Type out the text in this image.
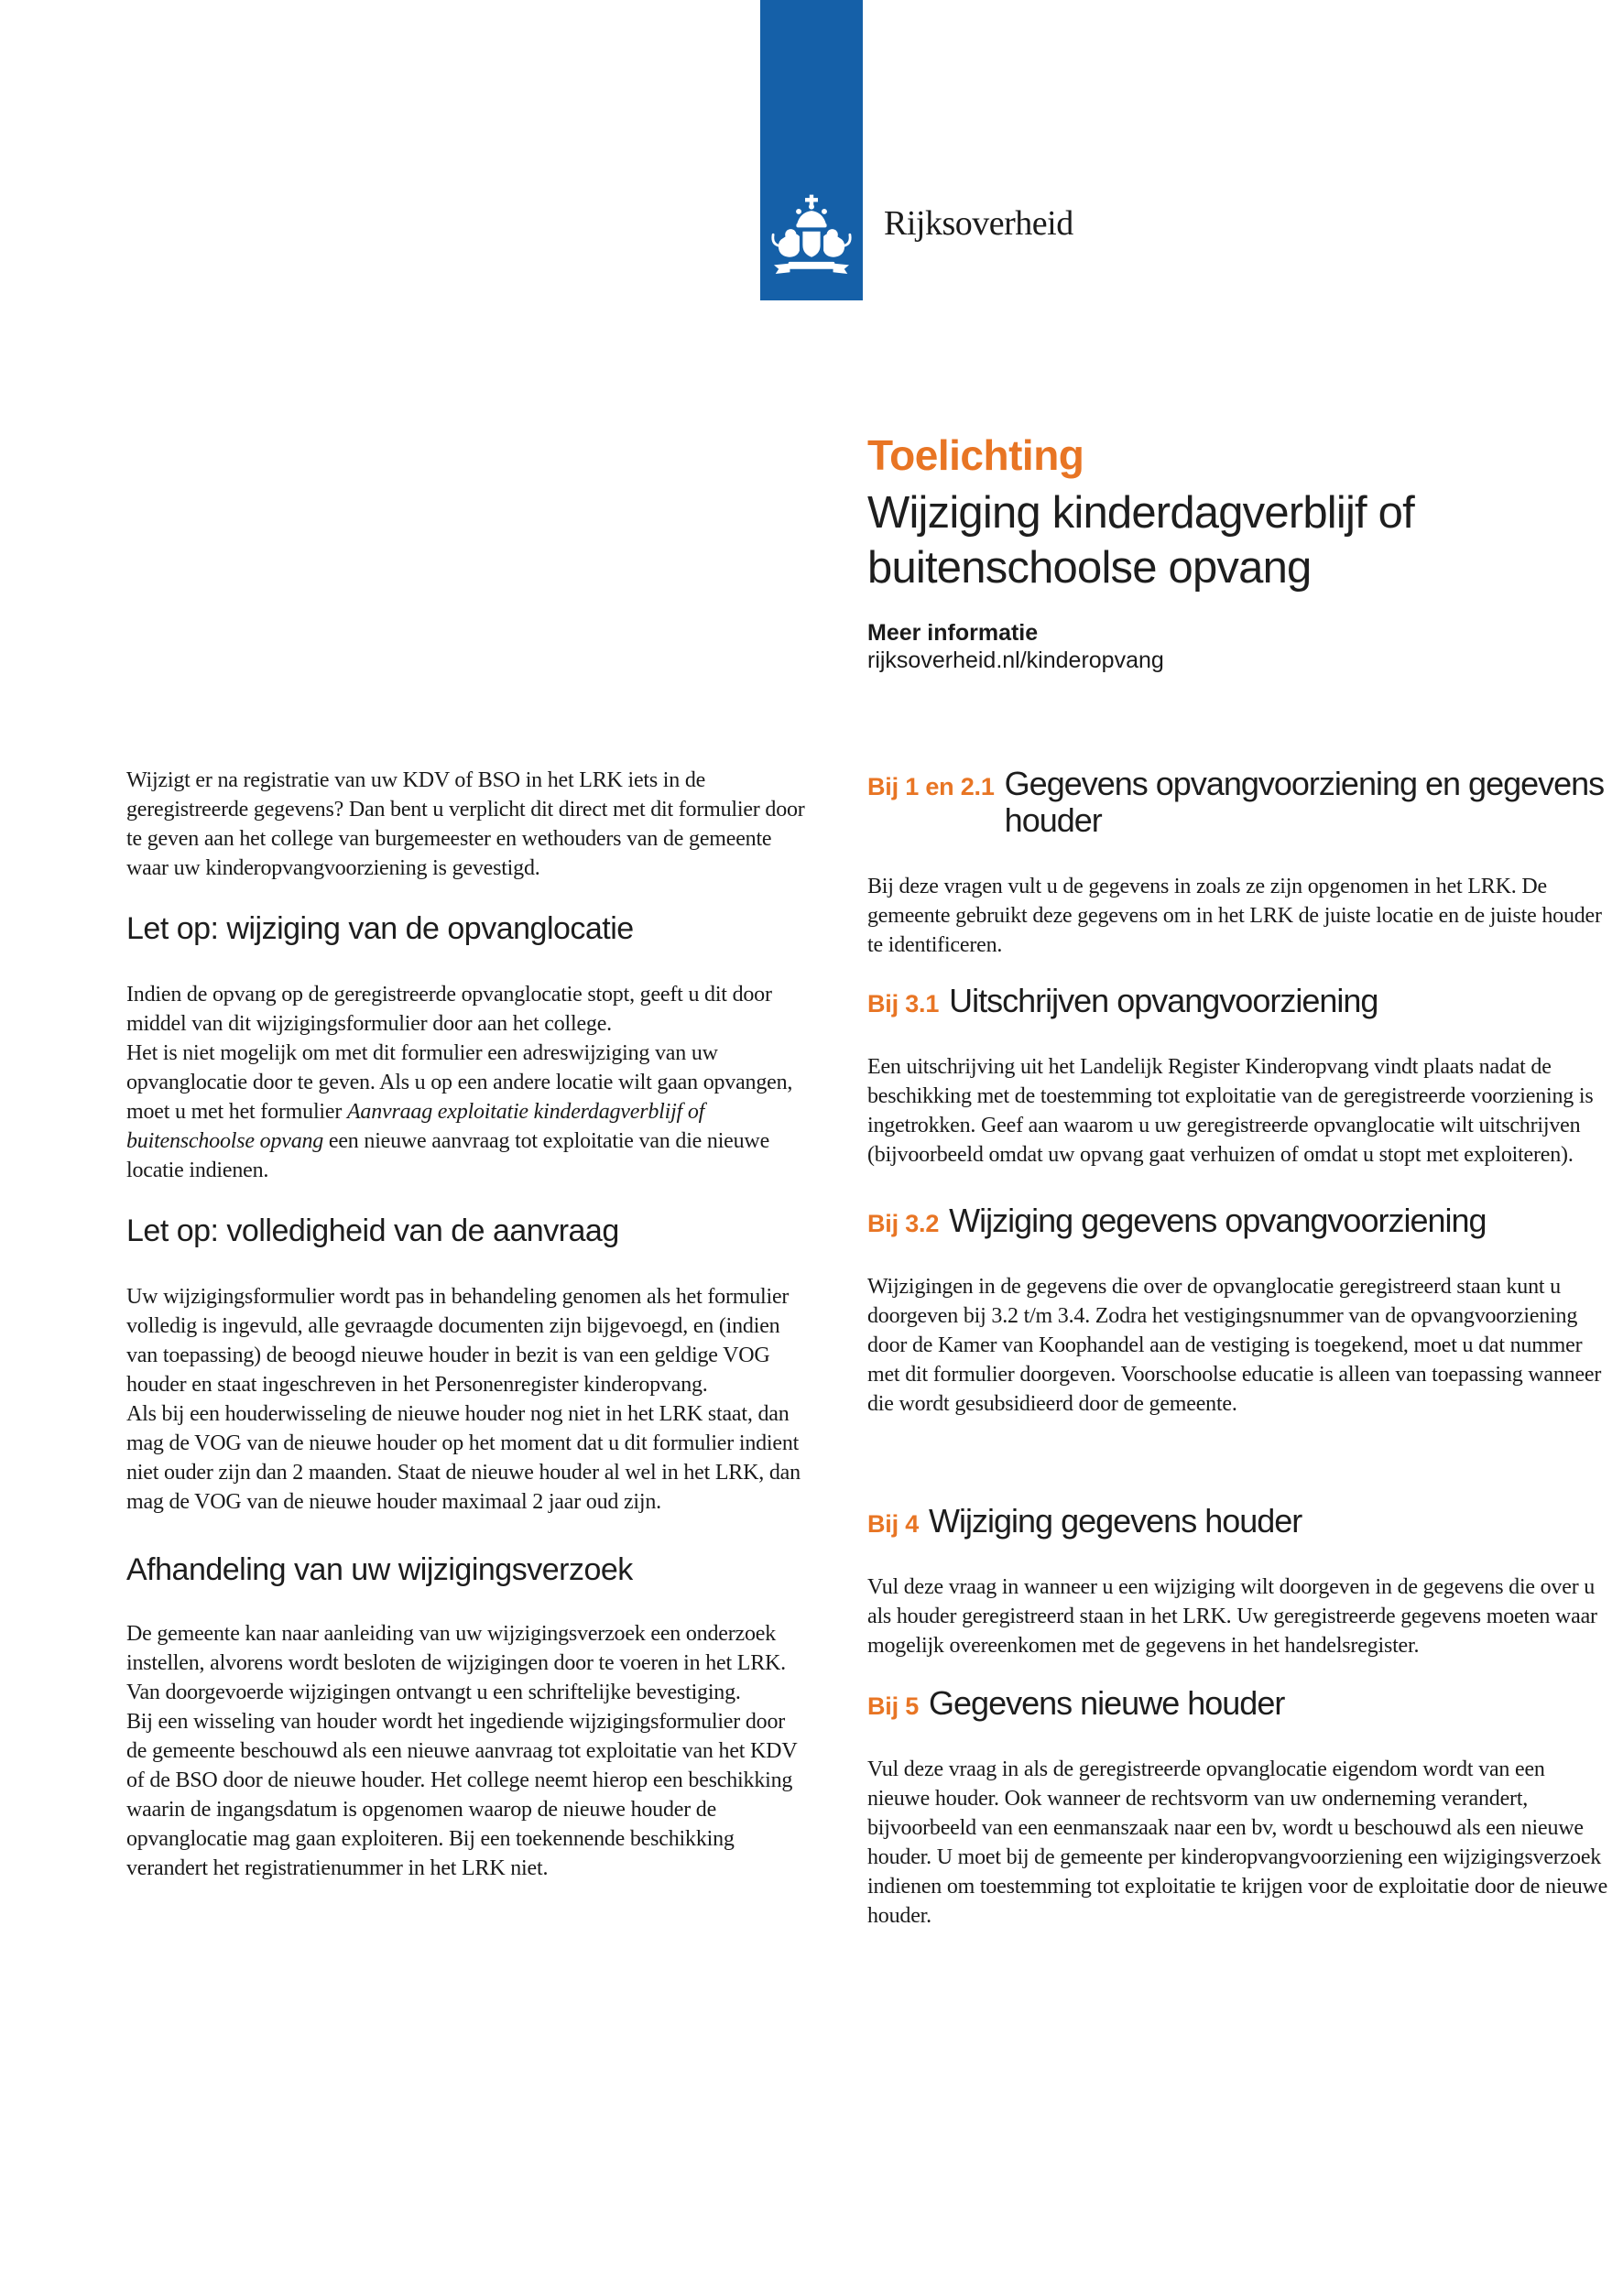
Rijksoverheid
Toelichting
Wijziging kinderdagverblijf of
buitenschoolse opvang
Meer informatie
rijksoverheid.nl/kinderopvang
Wijzigt er na registratie van uw KDV of BSO in het LRK iets in de geregistreerde gegevens? Dan bent u verplicht dit direct met dit formulier door te geven aan het college van burgemeester en wethouders van de gemeente waar uw kinderopvangvoorziening is gevestigd.
Let op: wijziging van de opvanglocatie
Indien de opvang op de geregistreerde opvanglocatie stopt, geeft u dit door middel van dit wijzigingsformulier door aan het college.
Het is niet mogelijk om met dit formulier een adreswijziging van uw opvanglocatie door te geven. Als u op een andere locatie wilt gaan opvangen, moet u met het formulier Aanvraag exploitatie kinderdagverblijf of buitenschoolse opvang een nieuwe aanvraag tot exploitatie van die nieuwe locatie indienen.
Let op: volledigheid van de aanvraag
Uw wijzigingsformulier wordt pas in behandeling genomen als het formulier volledig is ingevuld, alle gevraagde documenten zijn bijgevoegd, en (indien van toepassing) de beoogd nieuwe houder in bezit is van een geldige VOG houder en staat ingeschreven in het Personenregister kinderopvang.
Als bij een houderwisseling de nieuwe houder nog niet in het LRK staat, dan mag de VOG van de nieuwe houder op het moment dat u dit formulier indient niet ouder zijn dan 2 maanden. Staat de nieuwe houder al wel in het LRK, dan mag de VOG van de nieuwe houder maximaal 2 jaar oud zijn.
Afhandeling van uw wijzigingsverzoek
De gemeente kan naar aanleiding van uw wijzigingsverzoek een onderzoek instellen, alvorens wordt besloten de wijzigingen door te voeren in het LRK. Van doorgevoerde wijzigingen ontvangt u een schriftelijke bevestiging.
Bij een wisseling van houder wordt het ingediende wijzigingsformulier door de gemeente beschouwd als een nieuwe aanvraag tot exploitatie van het KDV of de BSO door de nieuwe houder. Het college neemt hierop een beschikking waarin de ingangsdatum is opgenomen waarop de nieuwe houder de opvanglocatie mag gaan exploiteren. Bij een toekennende beschikking verandert het registratienummer in het LRK niet.
Bij 1 en 2.1 Gegevens opvangvoorziening en gegevens houder
Bij deze vragen vult u de gegevens in zoals ze zijn opgenomen in het LRK. De gemeente gebruikt deze gegevens om in het LRK de juiste locatie en de juiste houder te identificeren.
Bij 3.1 Uitschrijven opvangvoorziening
Een uitschrijving uit het Landelijk Register Kinderopvang vindt plaats nadat de beschikking met de toestemming tot exploitatie van de geregistreerde voorziening is ingetrokken. Geef aan waarom u uw geregistreerde opvanglocatie wilt uitschrijven (bijvoorbeeld omdat uw opvang gaat verhuizen of omdat u stopt met exploiteren).
Bij 3.2 Wijziging gegevens opvangvoorziening
Wijzigingen in de gegevens die over de opvanglocatie geregistreerd staan kunt u doorgeven bij 3.2 t/m 3.4. Zodra het vestigingsnummer van de opvangvoorziening door de Kamer van Koophandel aan de vestiging is toegekend, moet u dat nummer met dit formulier doorgeven. Voorschoolse educatie is alleen van toepassing wanneer die wordt gesubsidieerd door de gemeente.
Bij 4 Wijziging gegevens houder
Vul deze vraag in wanneer u een wijziging wilt doorgeven in de gegevens die over u als houder geregistreerd staan in het LRK. Uw geregistreerde gegevens moeten waar mogelijk overeenkomen met de gegevens in het handelsregister.
Bij 5 Gegevens nieuwe houder
Vul deze vraag in als de geregistreerde opvanglocatie eigendom wordt van een nieuwe houder. Ook wanneer de rechtsvorm van uw onderneming verandert, bijvoorbeeld van een eenmanszaak naar een bv, wordt u beschouwd als een nieuwe houder. U moet bij de gemeente per kinderopvangvoorziening een wijzigingsverzoek indienen om toestemming tot exploitatie te krijgen voor de exploitatie door de nieuwe houder.
